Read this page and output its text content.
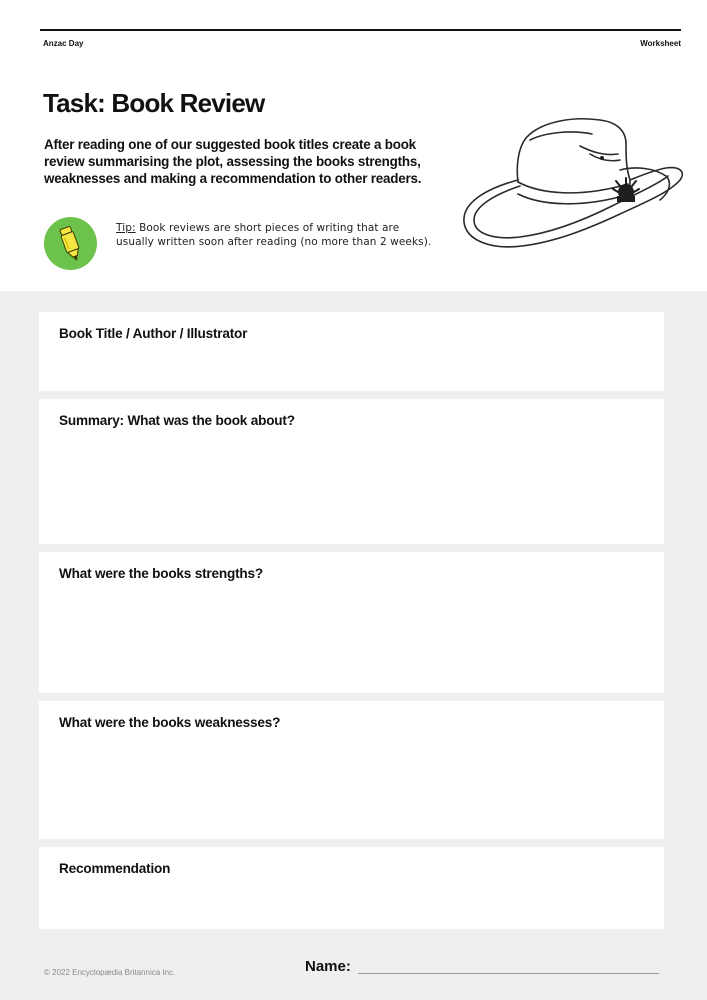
Anzac Day	Worksheet
Task: Book Review

After reading one of our suggested book titles create a book review summarising the plot, assessing the books strengths, weaknesses and making a recommendation to other readers.

Tip: Book reviews are short pieces of writing that are usually written soon after reading (no more than 2 weeks).

Book Title / Author / Illustrator
Summary: What was the book about?
What were the books strengths?
What were the books weaknesses?
Recommendation
© 2022 Encyclopædia Britannica Inc.	Name:
